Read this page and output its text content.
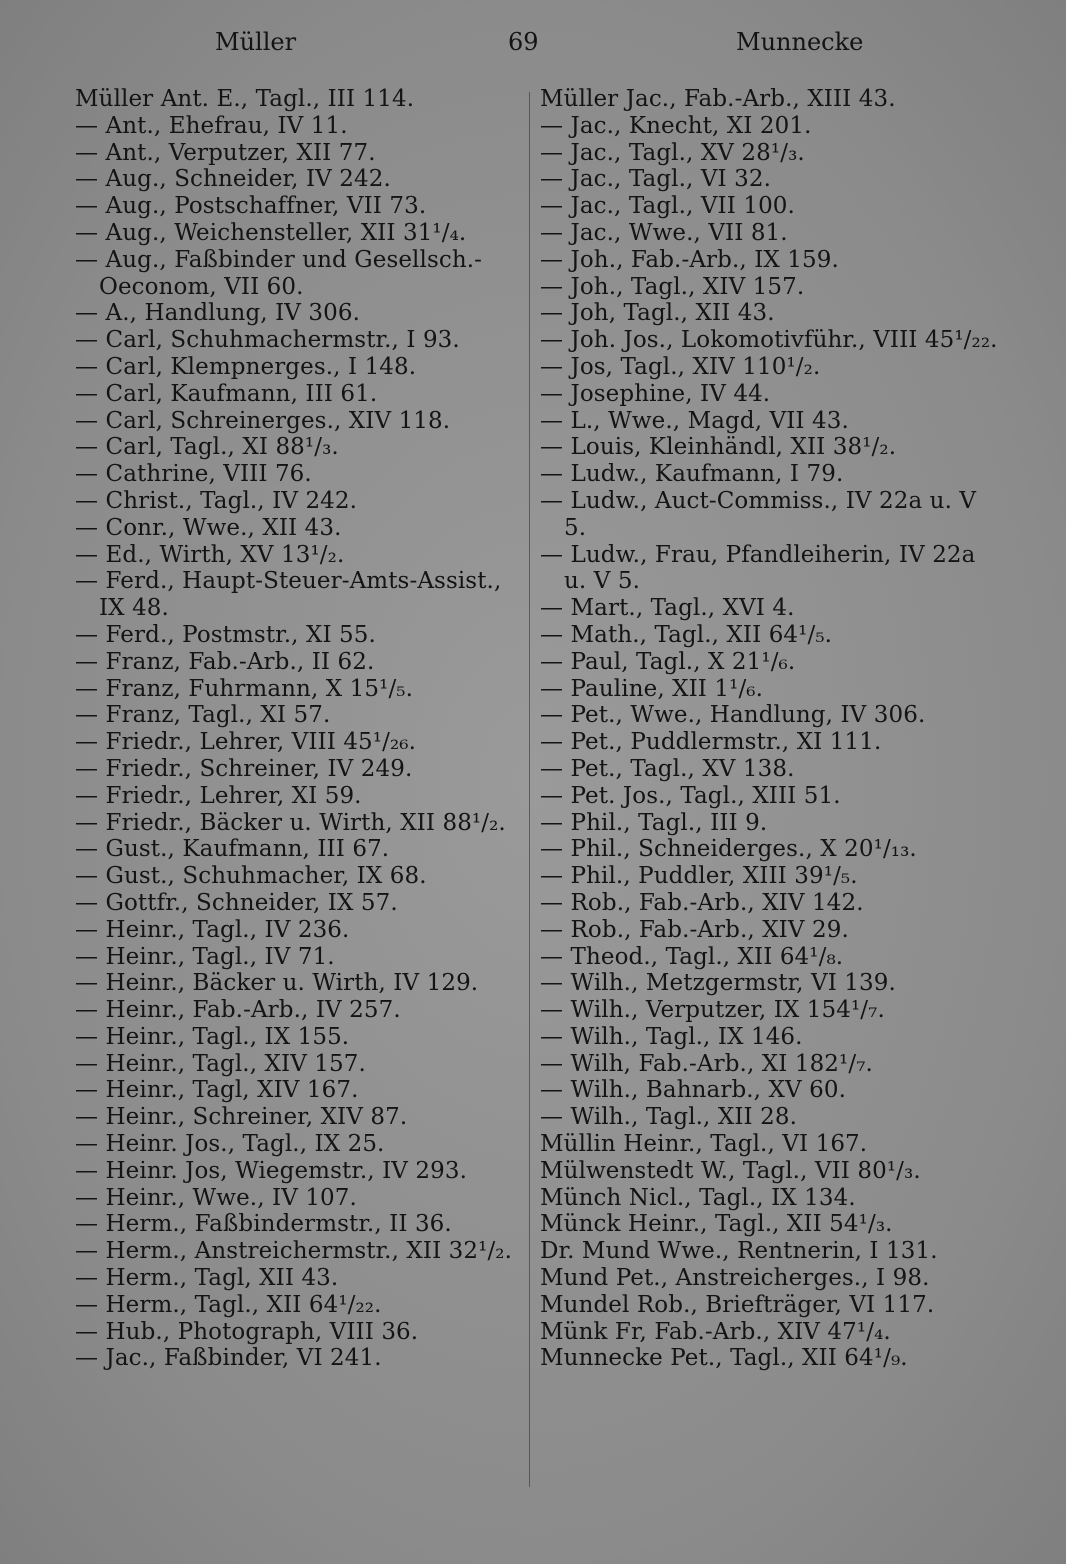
Müller	69	Munnecke
Müller Ant. E., Tagl., III 114.
— Ant., Ehefrau, IV 11.
— Ant., Verputzer, XII 77.
— Aug., Schneider, IV 242.
— Aug., Postschaffner, VII 73.
— Aug., Weichensteller, XII 31¹/₄.
— Aug., Faßbinder und Gesellsch.-Oeconom, VII 60.
— A., Handlung, IV 306.
— Carl, Schuhmachermstr., I 93.
— Carl, Klempnerges., I 148.
— Carl, Kaufmann, III 61.
— Carl, Schreinerges., XIV 118.
— Carl, Tagl., XI 88¹/₃.
— Cathrine, VIII 76.
— Christ., Tagl., IV 242.
— Conr., Wwe., XII 43.
— Ed., Wirth, XV 13¹/₂.
— Ferd., Haupt-Steuer-Amts-Assist., IX 48.
— Ferd., Postmstr., XI 55.
— Franz, Fab.-Arb., II 62.
— Franz, Fuhrmann, X 15¹/₅.
— Franz, Tagl., XI 57.
— Friedr., Lehrer, VIII 45¹/₂₆.
— Friedr., Schreiner, IV 249.
— Friedr., Lehrer, XI 59.
— Friedr., Bäcker u. Wirth, XII 88¹/₂.
— Gust., Kaufmann, III 67.
— Gust., Schuhmacher, IX 68.
— Gottfr., Schneider, IX 57.
— Heinr., Tagl., IV 236.
— Heinr., Tagl., IV 71.
— Heinr., Bäcker u. Wirth, IV 129.
— Heinr., Fab.-Arb., IV 257.
— Heinr., Tagl., IX 155.
— Heinr., Tagl., XIV 157.
— Heinr., Tagl, XIV 167.
— Heinr., Schreiner, XIV 87.
— Heinr. Jos., Tagl., IX 25.
— Heinr. Jos, Wiegemstr., IV 293.
— Heinr., Wwe., IV 107.
— Herm., Faßbindermstr., II 36.
— Herm., Anstreichermstr., XII 32¹/₂.
— Herm., Tagl, XII 43.
— Herm., Tagl., XII 64¹/₂₂.
— Hub., Photograph, VIII 36.
— Jac., Faßbinder, VI 241.
Müller Jac., Fab.-Arb., XIII 43.
— Jac., Knecht, XI 201.
— Jac., Tagl., XV 28¹/₃.
— Jac., Tagl., VI 32.
— Jac., Tagl., VII 100.
— Jac., Wwe., VII 81.
— Joh., Fab.-Arb., IX 159.
— Joh., Tagl., XIV 157.
— Joh, Tagl., XII 43.
— Joh. Jos., Lokomotivführ., VIII 45¹/₂₂.
— Jos, Tagl., XIV 110¹/₂.
— Josephine, IV 44.
— L., Wwe., Magd, VII 43.
— Louis, Kleinhändl, XII 38¹/₂.
— Ludw., Kaufmann, I 79.
— Ludw., Auct-Commiss., IV 22a u. V 5.
— Ludw., Frau, Pfandleiherin, IV 22a u. V 5.
— Mart., Tagl., XVI 4.
— Math., Tagl., XII 64¹/₅.
— Paul, Tagl., X 21¹/₆.
— Pauline, XII 1¹/₆.
— Pet., Wwe., Handlung, IV 306.
— Pet., Puddlermstr., XI 111.
— Pet., Tagl., XV 138.
— Pet. Jos., Tagl., XIII 51.
— Phil., Tagl., III 9.
— Phil., Schneiderges., X 20¹/₁₃.
— Phil., Puddler, XIII 39¹/₅.
— Rob., Fab.-Arb., XIV 142.
— Rob., Fab.-Arb., XIV 29.
— Theod., Tagl., XII 64¹/₈.
— Wilh., Metzgermstr, VI 139.
— Wilh., Verputzer, IX 154¹/₇.
— Wilh., Tagl., IX 146.
— Wilh, Fab.-Arb., XI 182¹/₇.
— Wilh., Bahnarb., XV 60.
— Wilh., Tagl., XII 28.
Müllin Heinr., Tagl., VI 167.
Mülwenstedt W., Tagl., VII 80¹/₃.
Münch Nicl., Tagl., IX 134.
Münck Heinr., Tagl., XII 54¹/₃.
Dr. Mund Wwe., Rentnerin, I 131.
Mund Pet., Anstreicherges., I 98.
Mundel Rob., Briefträger, VI 117.
Münk Fr, Fab.-Arb., XIV 47¹/₄.
Munnecke Pet., Tagl., XII 64¹/₉.
